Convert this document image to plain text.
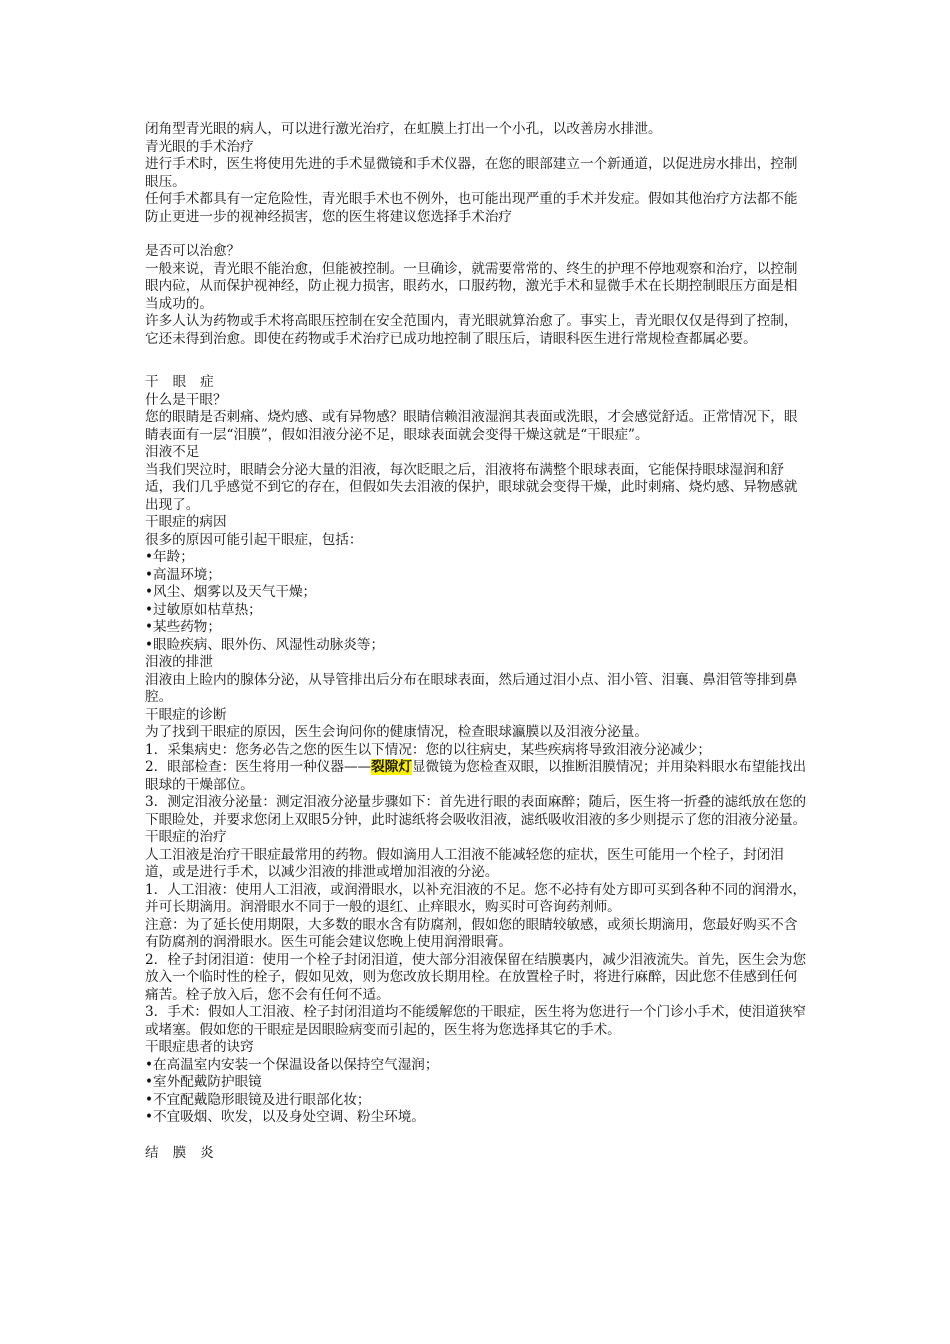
闭角型青光眼的病人，可以进行激光治疗，在虹膜上打出一个小孔，以改善房水排泄。
青光眼的手术治疗
进行手术时，医生将使用先进的手术显微镜和手术仪器，在您的眼部建立一个新通道，以促进房水排出，控制眼压。
任何手术都具有一定危险性，青光眼手术也不例外，也可能出现严重的手术并发症。假如其他治疗方法都不能防止更进一步的视神经损害，您的医生将建议您选择手术治疗
是否可以治愈？
一般来说，青光眼不能治愈，但能被控制。一旦确诊，就需要常常的、终生的护理不停地观察和治疗，以控制眼内砬，从而保护视神经，防止视力损害，眼药水，口服药物，激光手术和显微手术在长期控制眼压方面是相当成功的。
许多人认为药物或手术将高眼压控制在安全范围内，青光眼就算治愈了。事实上，青光眼仅仅是得到了控制，它还未得到治愈。即使在药物或手术治疗已成功地控制了眼压后，请眼科医生进行常规检查都属必要。
干眼症
什么是干眼？
您的眼睛是否刺痛、烧灼感、或有异物感？眼睛信赖泪液湿润其表面或洗眼，才会感觉舒适。正常情况下，眼睛表面有一层“泪膜”，假如泪液分泌不足，眼球表面就会变得干燥这就是“干眼症”。
泪液不足
当我们哭泣时，眼睛会分泌大量的泪液，每次眨眼之后，泪液将布满整个眼球表面，它能保持眼球湿润和舒适，我们几乎感觉不到它的存在，但假如失去泪液的保护，眼球就会变得干燥，此时刺痛、烧灼感、异物感就出现了。
干眼症的病因
很多的原因可能引起干眼症，包括：
•年龄；
•高温环境；
•风尘、烟雾以及天气干燥；
•过敏原如枯草热；
•某些药物；
•眼睑疾病、眼外伤、风湿性动脉炎等；
泪液的排泄
泪液由上睑内的腺体分泌，从导管排出后分布在眼球表面，然后通过泪小点、泪小管、泪襄、鼻泪管等排到鼻腔。
干眼症的诊断
为了找到干眼症的原因，医生会询问你的健康情况，检查眼球瀛膜以及泪液分泌量。
1．采集病史：您务必告之您的医生以下情况：您的以往病史，某些疾病将导致泪液分泌减少；
2．眼部检查：医生将用一种仪器——裂隙灯显微镜为您检查双眼，以推断泪膜情况；并用染料眼水布望能找出眼球的干燥部位。
3．测定泪液分泌量：测定泪液分泌量步骤如下：首先进行眼的表面麻醉；随后，医生将一折叠的滤纸放在您的下眼睑处，并要求您闭上双眼5分钟，此时滤纸将会吸收泪液，滤纸吸收泪液的多少则提示了您的泪液分泌量。
干眼症的治疗
人工泪液是治疗干眼症最常用的药物。假如滴用人工泪液不能减轻您的症状，医生可能用一个栓子，封闭泪道，或是进行手术，以减少泪液的排泄或增加泪液的分泌。
1．人工泪液：使用人工泪液，或润滑眼水，以补充泪液的不足。您不必持有处方即可买到各种不同的润滑水，并可长期滴用。润滑眼水不同于一般的退红、止痒眼水，购买时可咨询药剂师。
注意：为了延长使用期限，大多数的眼水含有防腐剂，假如您的眼睛较敏感，或须长期滴用，您最好购买不含有防腐剂的润滑眼水。医生可能会建议您晚上使用润滑眼膏。
2．栓子封闭泪道：使用一个栓子封闭泪道，使大部分泪液保留在结膜裏内，减少泪液流失。首先，医生会为您放入一个临时性的栓子，假如见效，则为您改放长期用栓。在放置栓子时，将进行麻醉，因此您不佳感到任何痛苦。栓子放入后，您不会有任何不适。
3．手术：假如人工泪液、栓子封闭泪道均不能缓解您的干眼症，医生将为您进行一个门诊小手术，使泪道狭窄或堵塞。假如您的干眼症是因眼睑病变而引起的，医生将为您选择其它的手术。
干眼症患者的诀窍
•在高温室内安装一个保温设备以保持空气湿润；
•室外配戴防护眼镜
•不宜配戴隐形眼镜及进行眼部化妆；
•不宜吸烟、吹发，以及身处空调、粉尘环境。
结膜炎
